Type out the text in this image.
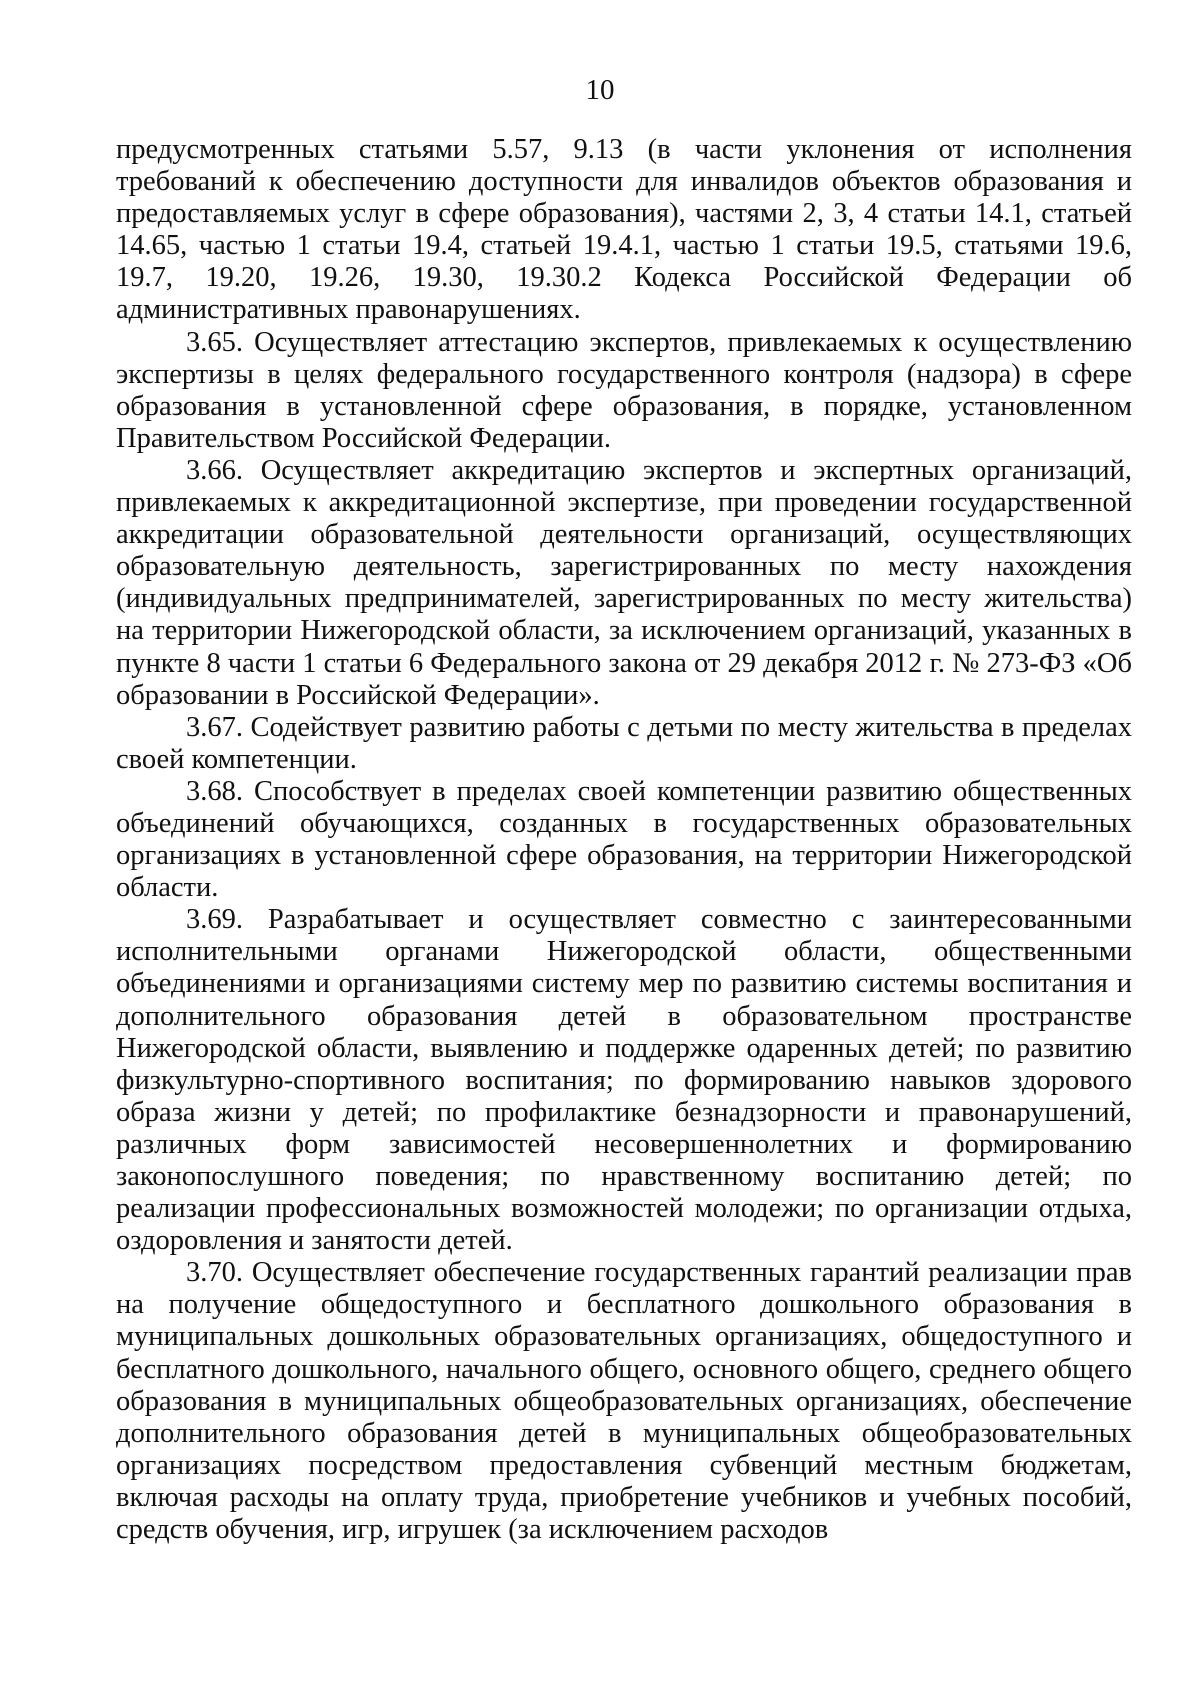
10

предусмотренных статьями 5.57, 9.13 (в части уклонения от исполнения требований к обеспечению доступности для инвалидов объектов образования и предоставляемых услуг в сфере образования), частями 2, 3, 4 статьи 14.1, статьей 14.65, частью 1 статьи 19.4, статьей 19.4.1, частью 1 статьи 19.5, статьями 19.6, 19.7, 19.20, 19.26, 19.30, 19.30.2 Кодекса Российской Федерации об административных правонарушениях.

3.65. Осуществляет аттестацию экспертов, привлекаемых к осуществлению экспертизы в целях федерального государственного контроля (надзора) в сфере образования в установленной сфере образования, в порядке, установленном Правительством Российской Федерации.

3.66. Осуществляет аккредитацию экспертов и экспертных организаций, привлекаемых к аккредитационной экспертизе, при проведении государственной аккредитации образовательной деятельности организаций, осуществляющих образовательную деятельность, зарегистрированных по месту нахождения (индивидуальных предпринимателей, зарегистрированных по месту жительства) на территории Нижегородской области, за исключением организаций, указанных в пункте 8 части 1 статьи 6 Федерального закона от 29 декабря 2012 г. № 273-ФЗ «Об образовании в Российской Федерации».

3.67. Содействует развитию работы с детьми по месту жительства в пределах своей компетенции.

3.68. Способствует в пределах своей компетенции развитию общественных объединений обучающихся, созданных в государственных образовательных организациях в установленной сфере образования, на территории Нижегородской области.

3.69. Разрабатывает и осуществляет совместно с заинтересованными исполнительными органами Нижегородской области, общественными объединениями и организациями систему мер по развитию системы воспитания и дополнительного образования детей в образовательном пространстве Нижегородской области, выявлению и поддержке одаренных детей; по развитию физкультурно-спортивного воспитания; по формированию навыков здорового образа жизни у детей; по профилактике безнадзорности и правонарушений, различных форм зависимостей несовершеннолетних и формированию законопослушного поведения; по нравственному воспитанию детей; по реализации профессиональных возможностей молодежи; по организации отдыха, оздоровления и занятости детей.

3.70. Осуществляет обеспечение государственных гарантий реализации прав на получение общедоступного и бесплатного дошкольного образования в муниципальных дошкольных образовательных организациях, общедоступного и бесплатного дошкольного, начального общего, основного общего, среднего общего образования в муниципальных общеобразовательных организациях, обеспечение дополнительного образования детей в муниципальных общеобразовательных организациях посредством предоставления субвенций местным бюджетам, включая расходы на оплату труда, приобретение учебников и учебных пособий, средств обучения, игр, игрушек (за исключением расходов
